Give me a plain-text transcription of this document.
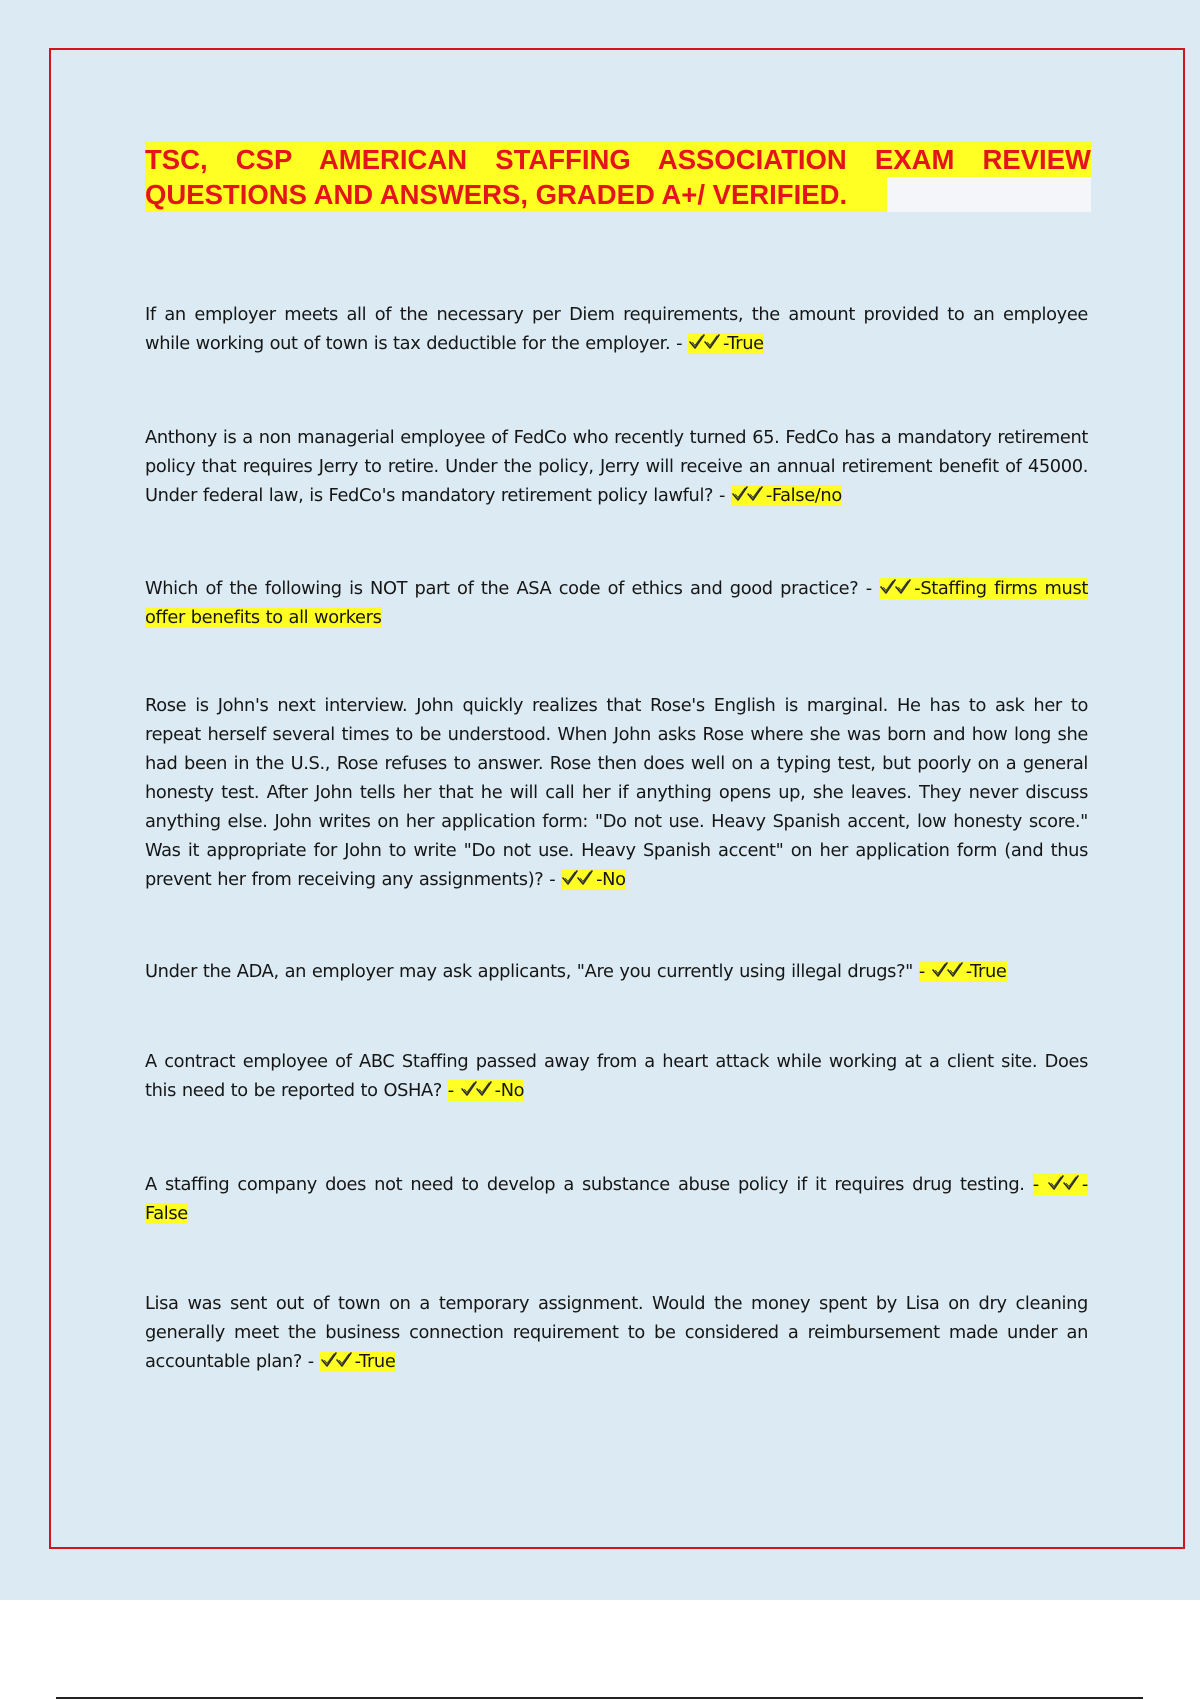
TSC, CSP AMERICAN STAFFING ASSOCIATION EXAM REVIEW
QUESTIONS AND ANSWERS, GRADED A+/ VERIFIED.
If an employer meets all of the necessary per Diem requirements, the amount provided to an employee while working out of town is tax deductible for the employer. - -True
Anthony is a non managerial employee of FedCo who recently turned 65. FedCo has a mandatory retirement policy that requires Jerry to retire. Under the policy, Jerry will receive an annual retirement benefit of 45000. Under federal law, is FedCo's mandatory retirement policy lawful? - -False/no
Which of the following is NOT part of the ASA code of ethics and good practice? - -Staffing firms must offer benefits to all workers
Rose is John's next interview. John quickly realizes that Rose's English is marginal. He has to ask her to repeat herself several times to be understood. When John asks Rose where she was born and how long she had been in the U.S., Rose refuses to answer. Rose then does well on a typing test, but poorly on a general honesty test. After John tells her that he will call her if anything opens up, she leaves. They never discuss anything else. John writes on her application form: "Do not use. Heavy Spanish accent, low honesty score." Was it appropriate for John to write "Do not use. Heavy Spanish accent" on her application form (and thus prevent her from receiving any assignments)? - -No
Under the ADA, an employer may ask applicants, "Are you currently using illegal drugs?" - -True
A contract employee of ABC Staffing passed away from a heart attack while working at a client site. Does this need to be reported to OSHA? - -No
A staffing company does not need to develop a substance abuse policy if it requires drug testing. - -False
Lisa was sent out of town on a temporary assignment. Would the money spent by Lisa on dry cleaning generally meet the business connection requirement to be considered a reimbursement made under an accountable plan? - -True
